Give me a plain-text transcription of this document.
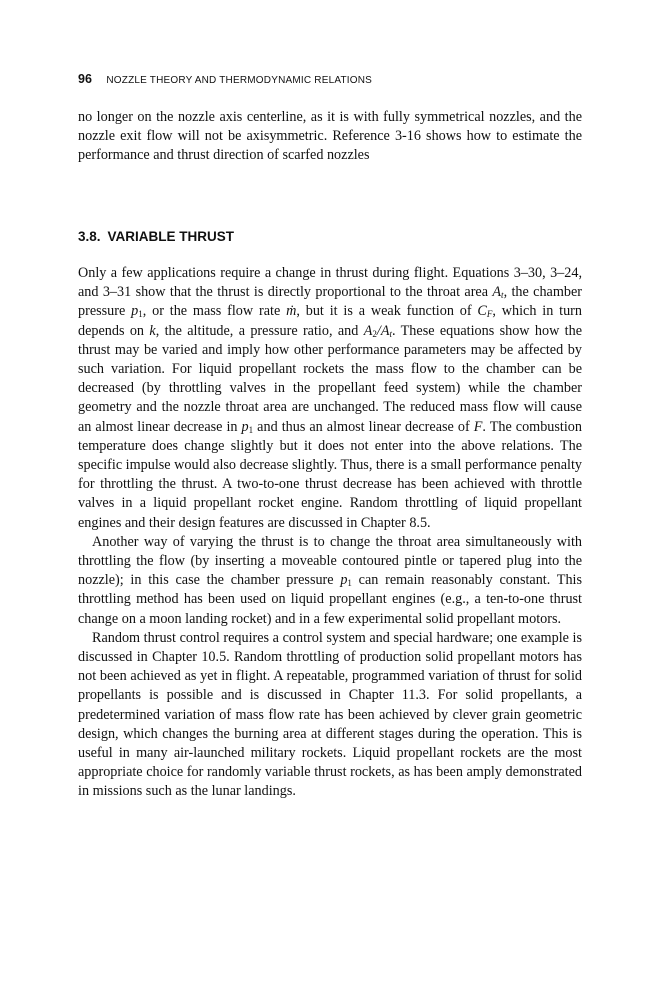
96 NOZZLE THEORY AND THERMODYNAMIC RELATIONS

no longer on the nozzle axis centerline, as it is with fully symmetrical nozzles, and the nozzle exit flow will not be axisymmetric. Reference 3-16 shows how to estimate the performance and thrust direction of scarfed nozzles

3.8. VARIABLE THRUST

Only a few applications require a change in thrust during flight. Equations 3–30, 3–24, and 3–31 show that the thrust is directly proportional to the throat area $A_t$, the chamber pressure $p_1$, or the mass flow rate ṁ, but it is a weak function of $C_F$, which in turn depends on k, the altitude, a pressure ratio, and $A_2/A_t$. These equations show how the thrust may be varied and imply how other performance parameters may be affected by such variation. For liquid propellant rockets the mass flow to the chamber can be decreased (by throttling valves in the propellant feed system) while the chamber geometry and the nozzle throat area are unchanged. The reduced mass flow will cause an almost linear decrease in $p_1$ and thus an almost linear decrease of F. The combustion temperature does change slightly but it does not enter into the above relations. The specific impulse would also decrease slightly. Thus, there is a small performance penalty for throttling the thrust. A two-to-one thrust decrease has been achieved with throttle valves in a liquid propellant rocket engine. Random throttling of liquid propellant engines and their design features are discussed in Chapter 8.5.

Another way of varying the thrust is to change the throat area simultaneously with throttling the flow (by inserting a moveable contoured pintle or tapered plug into the nozzle); in this case the chamber pressure $p_1$ can remain reasonably constant. This throttling method has been used on liquid propellant engines (e.g., a ten-to-one thrust change on a moon landing rocket) and in a few experimental solid propellant motors.

Random thrust control requires a control system and special hardware; one example is discussed in Chapter 10.5. Random throttling of production solid propellant motors has not been achieved as yet in flight. A repeatable, programmed variation of thrust for solid propellants is possible and is discussed in Chapter 11.3. For solid propellants, a predetermined variation of mass flow rate has been achieved by clever grain geometric design, which changes the burning area at different stages during the operation. This is useful in many air-launched military rockets. Liquid propellant rockets are the most appropriate choice for randomly variable thrust rockets, as has been amply demonstrated in missions such as the lunar landings.
